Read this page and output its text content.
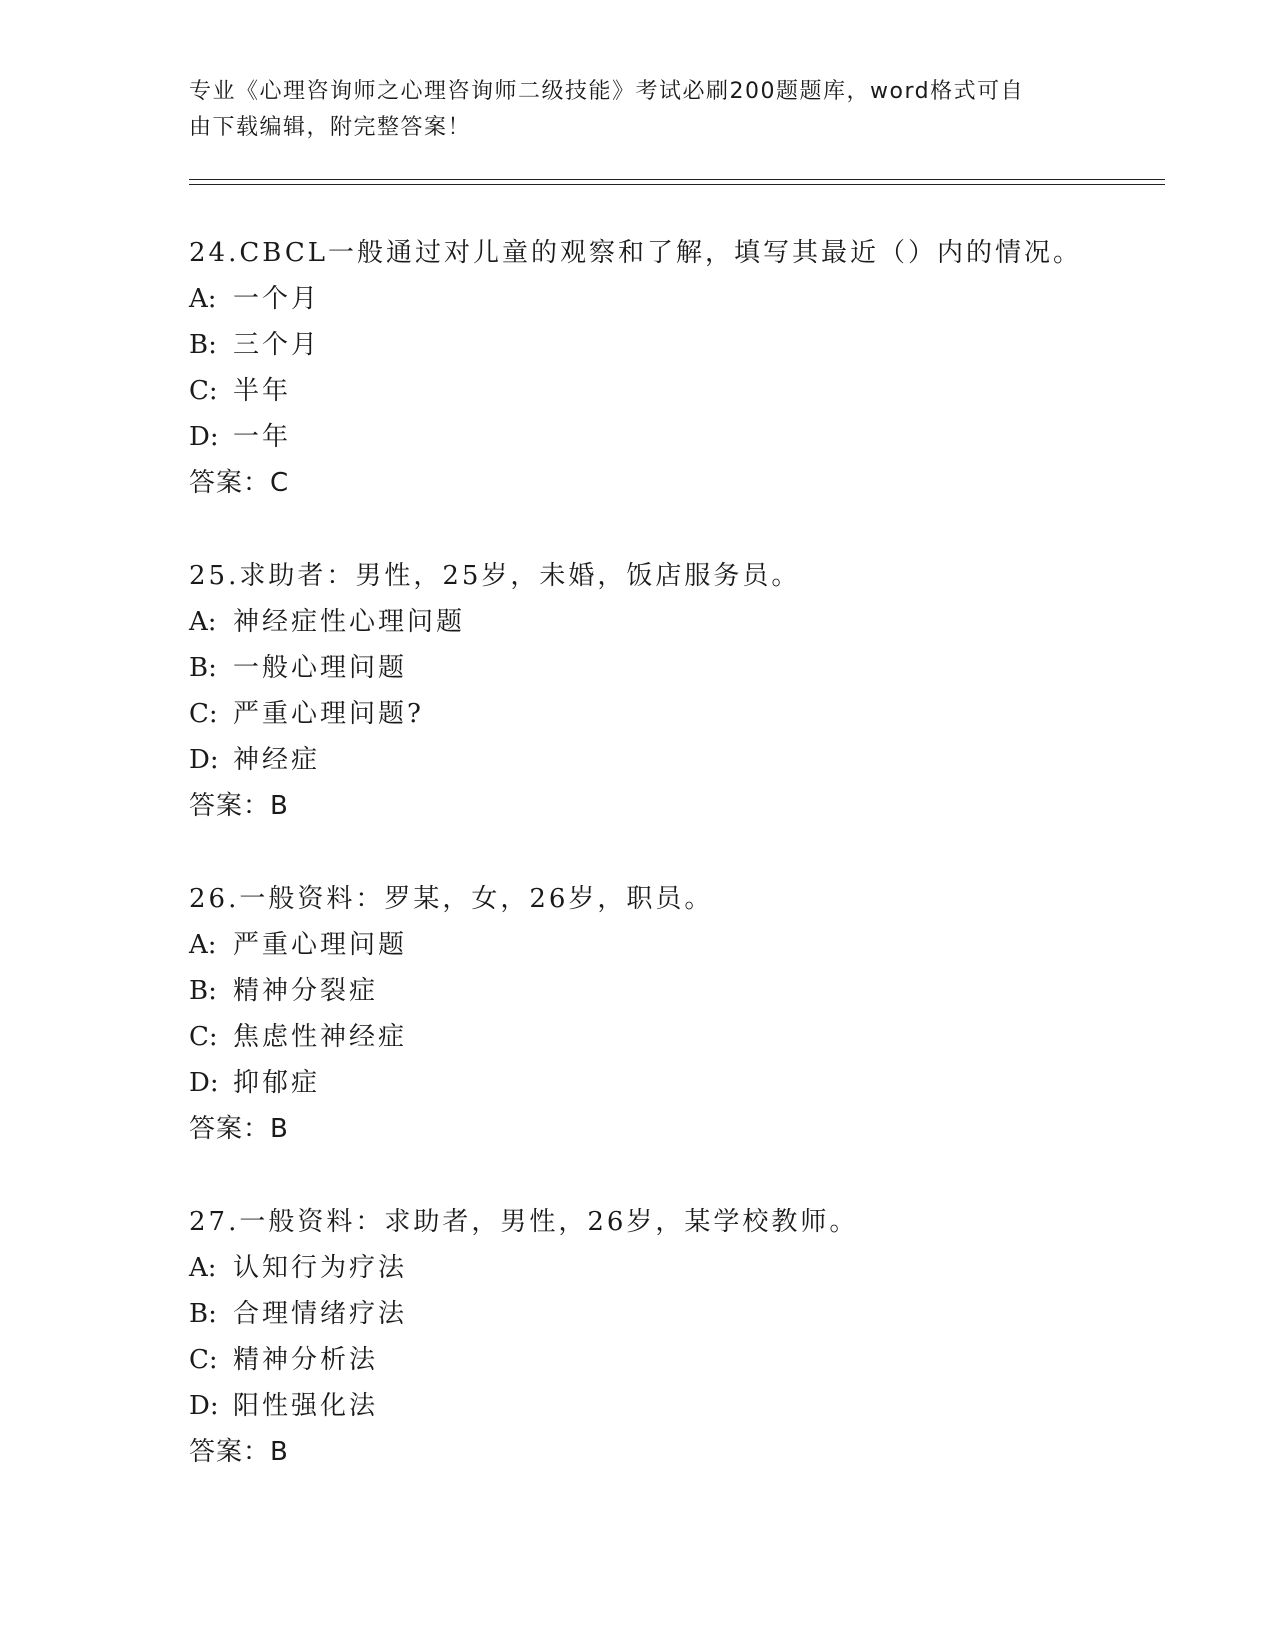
专业《心理咨询师之心理咨询师二级技能》考试必刷200题题库，word格式可自
由下载编辑，附完整答案！
24.CBCL一般通过对儿童的观察和了解，填写其最近（）内的情况。
A: 一个月
B: 三个月
C: 半年
D: 一年
答案：C
25.求助者：男性，25岁，未婚，饭店服务员。
A: 神经症性心理问题
B: 一般心理问题
C: 严重心理问题?
D: 神经症
答案：B
26.一般资料：罗某，女，26岁，职员。
A: 严重心理问题
B: 精神分裂症
C: 焦虑性神经症
D: 抑郁症
答案：B
27.一般资料：求助者，男性，26岁，某学校教师。
A: 认知行为疗法
B: 合理情绪疗法
C: 精神分析法
D: 阳性强化法
答案：B
